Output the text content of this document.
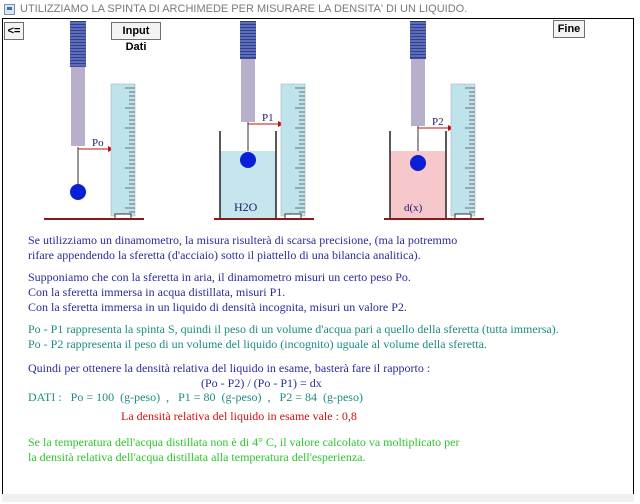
UTILIZZIAMO LA SPINTA DI ARCHIMEDE PER MISURARE LA DENSITA' DI UN LIQUIDO.
Po
P1
H2O
P2
d(x)
<=	Input Dati
Fine
Se utilizziamo un dinamometro, la misura risulterà di scarsa precisione, (ma la potremmo
rifare appendendo la sferetta (d'acciaio) sotto il piattello di una bilancia analitica).
Supponiamo che con la sferetta in aria, il dinamometro misuri un certo peso Po.
Con la sferetta immersa in acqua distillata, misuri P1.
Con la sferetta immersa in un liquido di densità incognita, misuri un valore P2.
Po - P1 rappresenta la spinta S, quindi il peso di un volume d'acqua pari a quello della sferetta (tutta immersa).
Po - P2 rappresenta il peso di un volume del liquido (incognito) uguale al volume della sferetta.
Quindi per ottenere la densità relativa del liquido in esame, basterà fare il rapporto :
(Po - P2) / (Po - P1) = dx
DATI :   Po = 100  (g-peso)  ,   P1 = 80  (g-peso)  ,   P2 = 84  (g-peso)
La densità relativa del liquido in esame vale : 0,8
Se la temperatura dell'acqua distillata non è di 4° C, il valore calcolato va moltiplicato per
la densità relativa dell'acqua distillata alla temperatura dell'esperienza.
